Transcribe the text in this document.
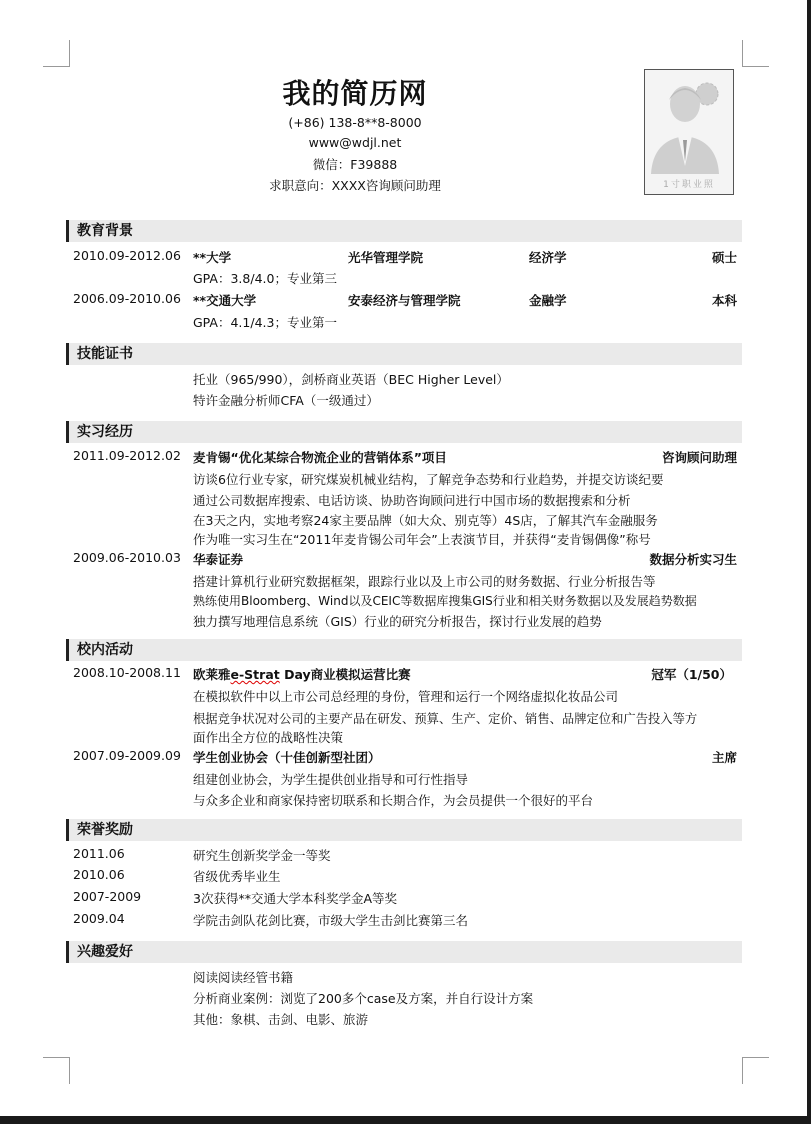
我的简历网
(+86) 138-8**8-8000
www@wdjl.net
微信：F39888
求职意向：XXXX咨询顾问助理	1寸职业照
教育背景
2010.09-2012.06 **大学	光华管理学院	经济学	硕士
GPA：3.8/4.0；专业第三
2006.09-2010.06 **交通大学	安泰经济与管理学院	金融学	本科
GPA：4.1/4.3；专业第一
技能证书
托业（965/990），剑桥商业英语（BEC Higher Level）
特许金融分析师CFA（一级通过）
实习经历
2011.09-2012.02 麦肯锡“优化某综合物流企业的营销体系”项目	咨询顾问助理
访谈6位行业专家，研究煤炭机械业结构，了解竞争态势和行业趋势，并提交访谈纪要
通过公司数据库搜索、电话访谈、协助咨询顾问进行中国市场的数据搜索和分析
在3天之内，实地考察24家主要品牌（如大众、别克等）4S店，了解其汽车金融服务
作为唯一实习生在“2011年麦肯锡公司年会”上表演节目，并获得“麦肯锡偶像”称号
2009.06-2010.03 华泰证券	数据分析实习生
搭建计算机行业研究数据框架，跟踪行业以及上市公司的财务数据、行业分析报告等
熟练使用Bloomberg、Wind以及CEIC等数据库搜集GIS行业和相关财务数据以及发展趋势数据
独力撰写地理信息系统（GIS）行业的研究分析报告，探讨行业发展的趋势
校内活动
2008.10-2008.11 欧莱雅e-Strat Day商业模拟运营比赛	冠军（1/50）
在模拟软件中以上市公司总经理的身份，管理和运行一个网络虚拟化妆品公司
根据竞争状况对公司的主要产品在研发、预算、生产、定价、销售、品牌定位和广告投入等方
面作出全方位的战略性决策
2007.09-2009.09 学生创业协会（十佳创新型社团）	主席
组建创业协会，为学生提供创业指导和可行性指导
与众多企业和商家保持密切联系和长期合作，为会员提供一个很好的平台
荣誉奖励
2011.06	研究生创新奖学金一等奖
2010.06	省级优秀毕业生
2007-2009	3次获得**交通大学本科奖学金A等奖
2009.04	学院击剑队花剑比赛，市级大学生击剑比赛第三名
兴趣爱好
阅读阅读经管书籍
分析商业案例：浏览了200多个case及方案，并自行设计方案
其他：象棋、击剑、电影、旅游
